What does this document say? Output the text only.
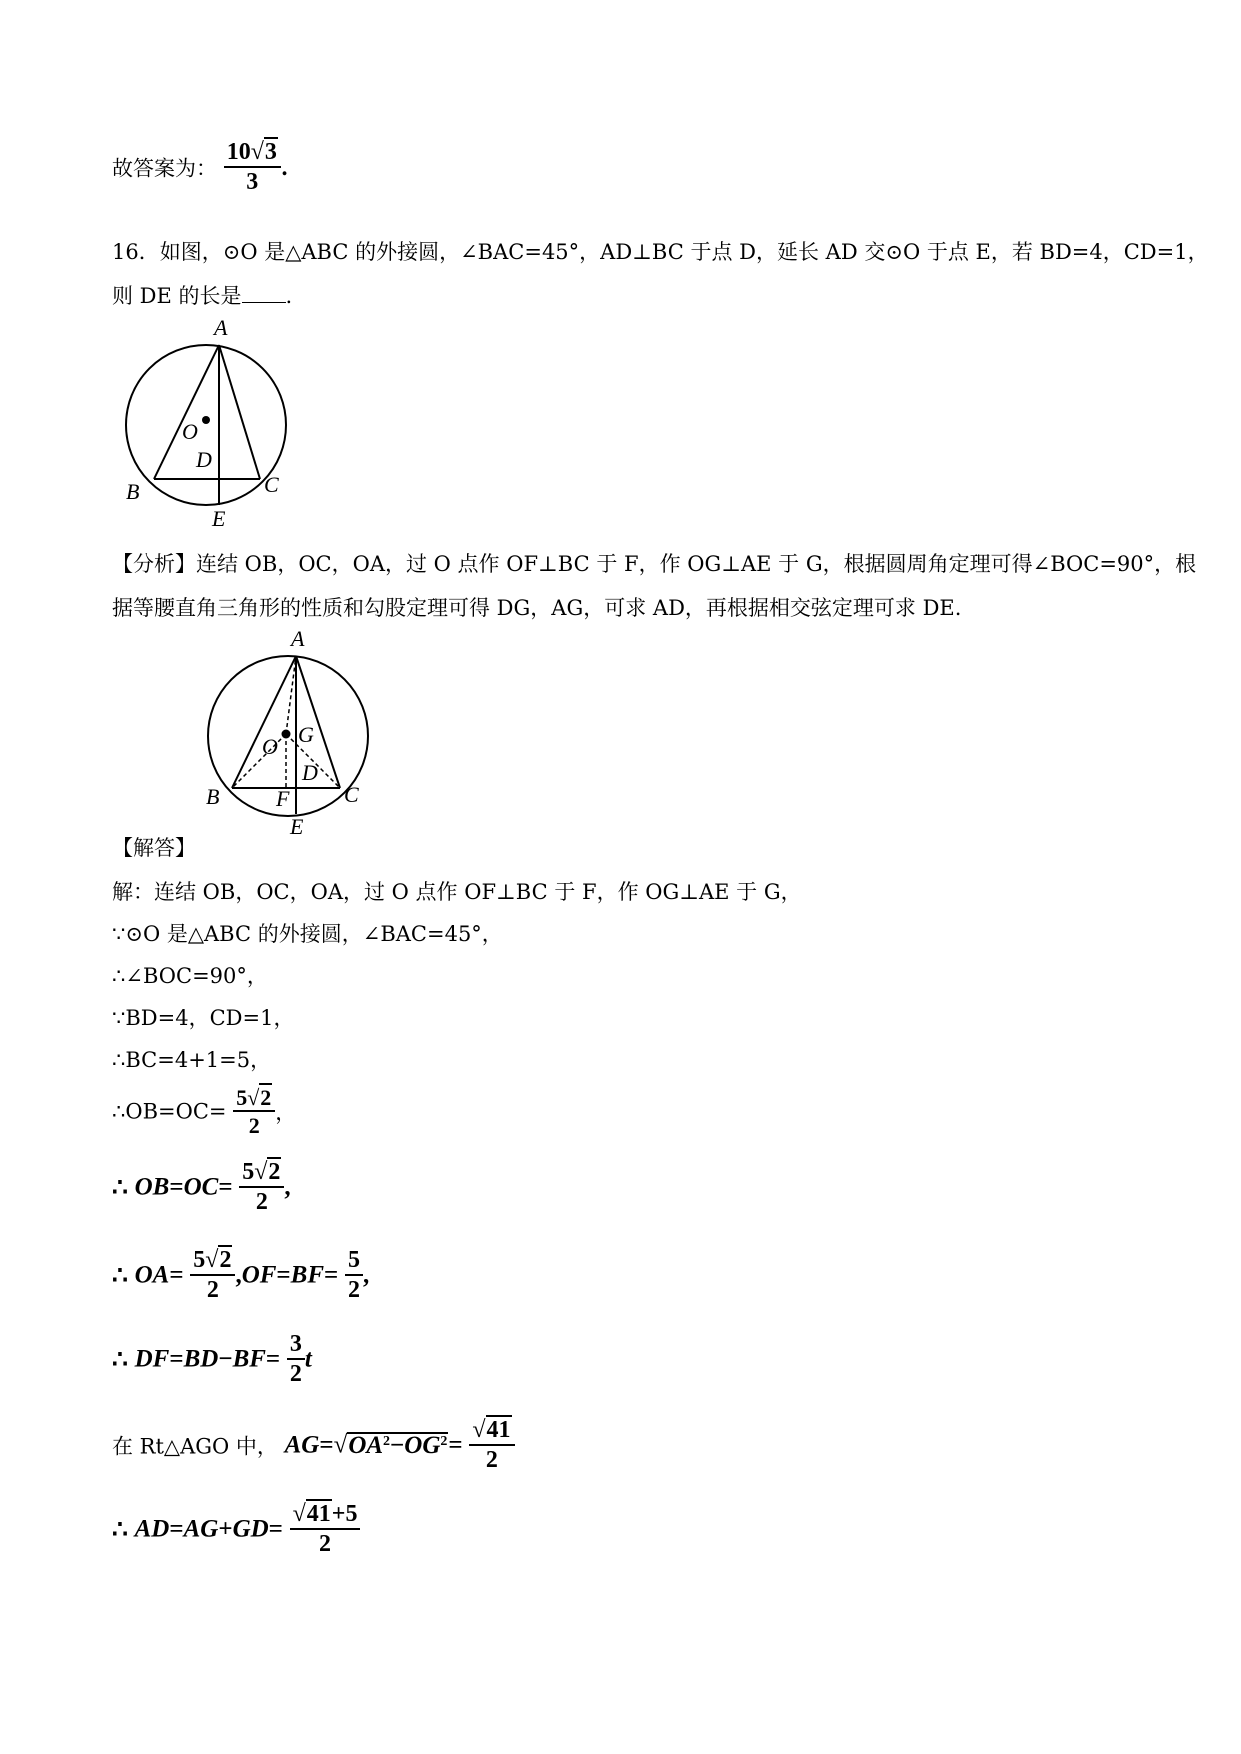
故答案为： $\frac{10√3}{3}$ .
16．如图，⊙O 是△ABC 的外接圆，∠BAC=45°，AD⊥BC 于点 D，延长 AD 交⊙O 于点 E，若 BD=4，CD=1，
则 DE 的长是 .
A
O
D
B	C
E
【分析】连结 OB，OC，OA，过 O 点作 OF⊥BC 于 F，作 OG⊥AE 于 G，根据圆周角定理可得∠BOC=90°，根
据等腰直角三角形的性质和勾股定理可得 DG，AG，可求 AD，再根据相交弦定理可求 DE.
A
O G
D
B	F C
E
【解答】
解：连结 OB，OC，OA，过 O 点作 OF⊥BC 于 F，作 OG⊥AE 于 G，
∵⊙O 是△ABC 的外接圆，∠BAC=45°，
∴∠BOC=90°，
∵BD=4，CD=1，
∴BC=4+1=5，
∴OB=OC= $\frac{5√2}{2}$ ，
∴ $OB=OC= \frac{5√2}{2}$ ,
∴ $OA= \frac{5√2}{2} ,OF=BF= \frac{5}{2}$ ,
∴ $DF=BD-BF= \frac{3}{2}$ t
在 Rt△AGO 中， $AG=√OA^2-OG^2= \frac{√41}{2}$
∴ $AD=AG+GD= \frac{√41+5}{2}$
